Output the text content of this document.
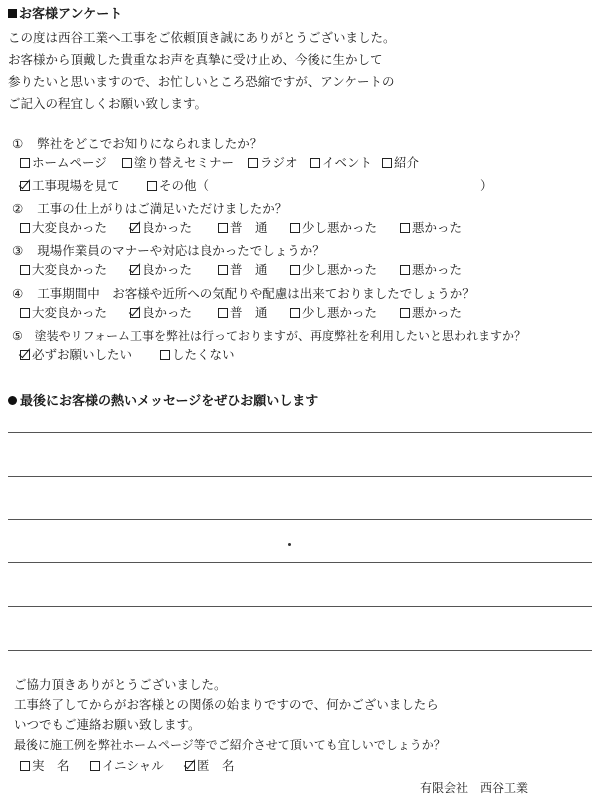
お客様アンケート
この度は西谷工業へ工事をご依頼頂き誠にありがとうございました。
お客様から頂戴した貴重なお声を真摯に受け止め、今後に生かして
参りたいと思いますので、お忙しいところ恐縮ですが、アンケートの
ご記入の程宜しくお願い致します。
① 弊社をどこでお知りになられましたか？
ホームページ 塗り替えセミナー ラジオ イベント 紹介
工事現場を見て	その他（	）
② 工事の仕上がりはご満足いただけましたか？
大変良かった	良かった	普　通	少し悪かった	悪かった
③ 現場作業員のマナーや対応は良かったでしょうか？
大変良かった	良かった	普　通	少し悪かった	悪かった
④ 工事期間中　お客様や近所への気配りや配慮は出来ておりましたでしょうか？
大変良かった	良かった	普　通	少し悪かった	悪かった
⑤ 塗装やリフォーム工事を弊社は行っておりますが、再度弊社を利用したいと思われますか？
必ずお願いしたい	したくない
最後にお客様の熱いメッセージをぜひお願いします
ご協力頂きありがとうございました。
工事終了してからがお客様との関係の始まりですので、何かございましたら
いつでもご連絡お願い致します。
最後に施工例を弊社ホームページ等でご紹介させて頂いても宜しいでしょうか？
実　名	イニシャル	匿　名
有限会社　西谷工業
